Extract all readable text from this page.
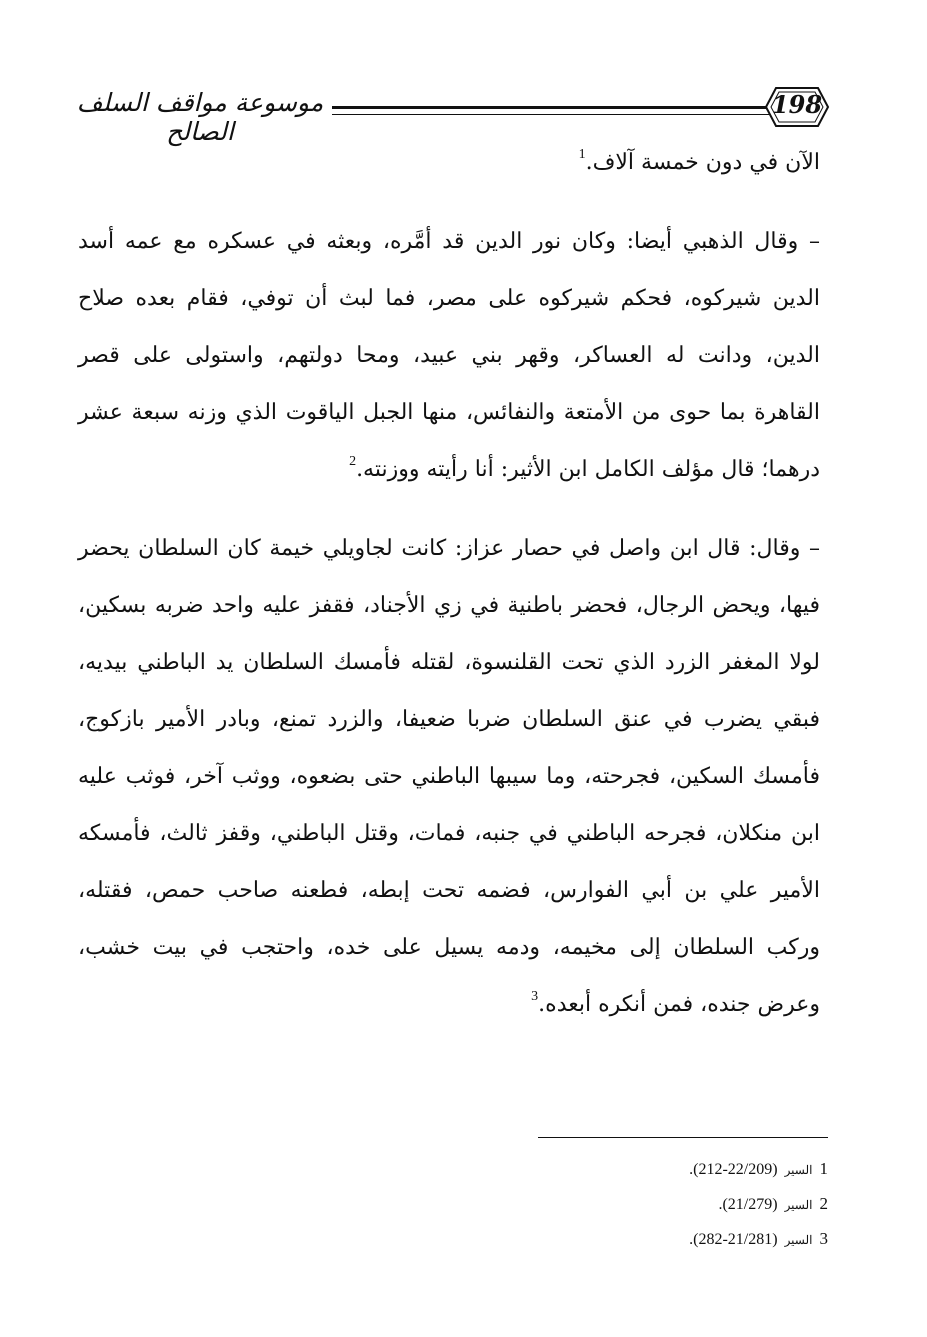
موسوعة مواقف السلف الصالح
198

الآن في دون خمسة آلاف.$^1$

– وقال الذهبي أيضا: وكان نور الدين قد أمَّره، وبعثه في عسكره مع عمه أسد الدين شيركوه، فحكم شيركوه على مصر، فما لبث أن توفي، فقام بعده صلاح الدين، ودانت له العساكر، وقهر بني عبيد، ومحا دولتهم، واستولى على قصر القاهرة بما حوى من الأمتعة والنفائس، منها الجبل الياقوت الذي وزنه سبعة عشر درهما؛ قال مؤلف الكامل ابن الأثير: أنا رأيته ووزنته.$^2$

– وقال: قال ابن واصل في حصار عزاز: كانت لجاويلي خيمة كان السلطان يحضر فيها، ويحض الرجال، فحضر باطنية في زي الأجناد، فقفز عليه واحد ضربه بسكين، لولا المغفر الزرد الذي تحت القلنسوة، لقتله فأمسك السلطان يد الباطني بيديه، فبقي يضرب في عنق السلطان ضربا ضعيفا، والزرد تمنع، وبادر الأمير بازكوج، فأمسك السكين، فجرحته، وما سيبها الباطني حتى بضعوه، ووثب آخر، فوثب عليه ابن منكلان، فجرحه الباطني في جنبه، فمات، وقتل الباطني، وقفز ثالث، فأمسكه الأمير علي بن أبي الفوارس، فضمه تحت إبطه، فطعنه صاحب حمص، فقتله، وركب السلطان إلى مخيمه، ودمه يسيل على خده، واحتجب في بيت خشب، وعرض جنده، فمن أنكره أبعده.$^3$

1 السير (22/209-212).
2 السير (21/279).
3 السير (21/281-282).
